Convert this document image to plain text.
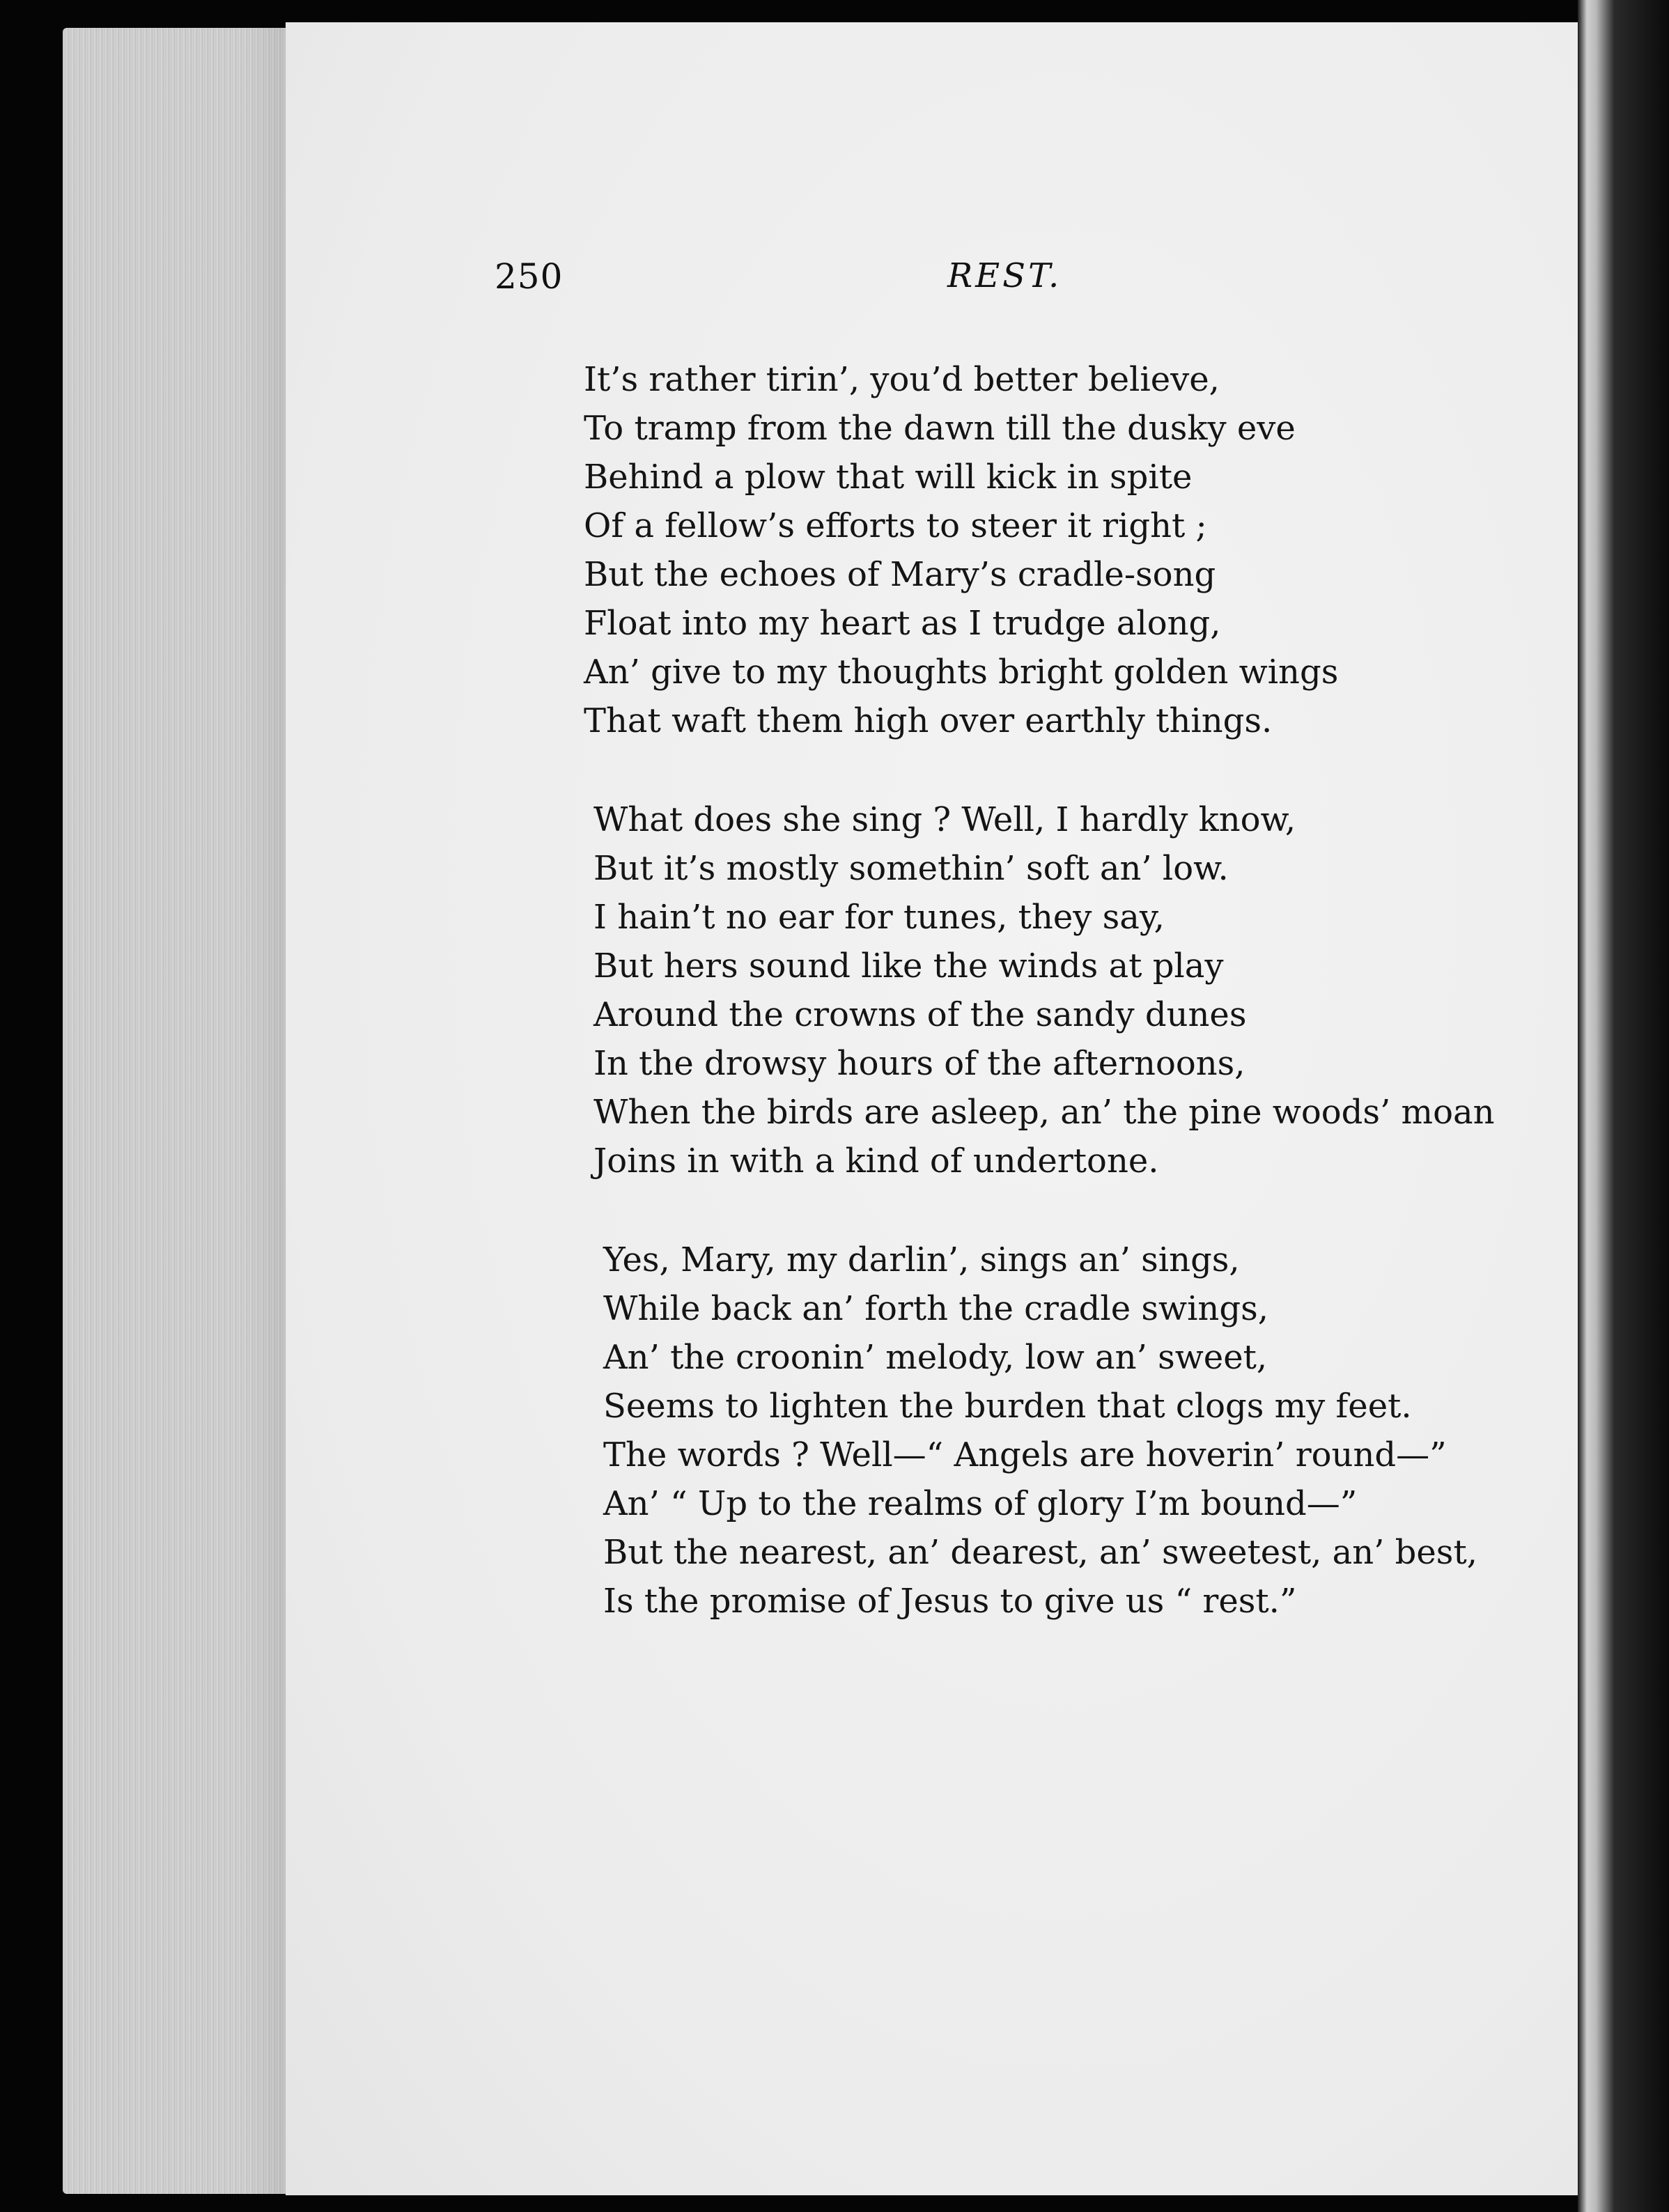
250	REST.
It’s rather tirin’, you’d better believe,
To tramp from the dawn till the dusky eve
Behind a plow that will kick in spite
Of a fellow’s efforts to steer it right ;
But the echoes of Mary’s cradle-song
Float into my heart as I trudge along,
An’ give to my thoughts bright golden wings
That waft them high over earthly things.
What does she sing ? Well, I hardly know,
But it’s mostly somethin’ soft an’ low.
I hain’t no ear for tunes, they say,
But hers sound like the winds at play
Around the crowns of the sandy dunes
In the drowsy hours of the afternoons,
When the birds are asleep, an’ the pine woods’ moan
Joins in with a kind of undertone.
Yes, Mary, my darlin’, sings an’ sings,
While back an’ forth the cradle swings,
An’ the croonin’ melody, low an’ sweet,
Seems to lighten the burden that clogs my feet.
The words ? Well—“ Angels are hoverin’ round—”
An’ “ Up to the realms of glory I’m bound—”
But the nearest, an’ dearest, an’ sweetest, an’ best,
Is the promise of Jesus to give us “ rest.”
